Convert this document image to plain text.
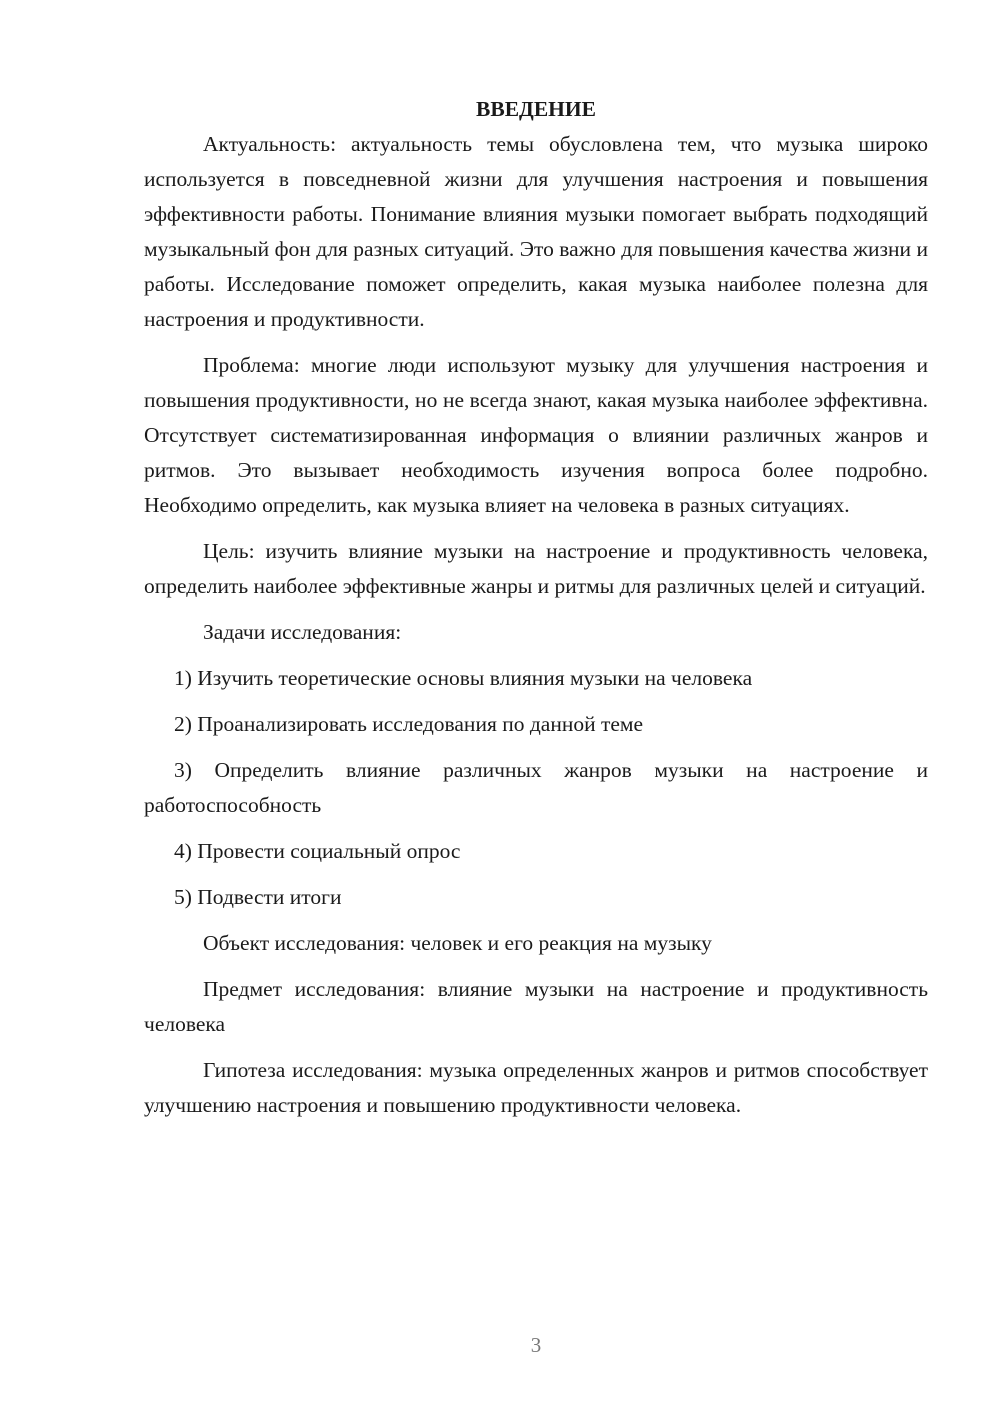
ВВЕДЕНИЕ

Актуальность: актуальность темы обусловлена тем, что музыка широко используется в повседневной жизни для улучшения настроения и повышения эффективности работы. Понимание влияния музыки помогает выбрать подходящий музыкальный фон для разных ситуаций. Это важно для повышения качества жизни и работы. Исследование поможет определить, какая музыка наиболее полезна для настроения и продуктивности.

Проблема: многие люди используют музыку для улучшения настроения и повышения продуктивности, но не всегда знают, какая музыка наиболее эффективна. Отсутствует систематизированная информация о влиянии различных жанров и ритмов. Это вызывает необходимость изучения вопроса более подробно. Необходимо определить, как музыка влияет на человека в разных ситуациях.

Цель: изучить влияние музыки на настроение и продуктивность человека, определить наиболее эффективные жанры и ритмы для различных целей и ситуаций.

Задачи исследования:

1) Изучить теоретические основы влияния музыки на человека

2) Проанализировать исследования по данной теме

3) Определить влияние различных жанров музыки на настроение и работоспособность

4) Провести социальный опрос

5) Подвести итоги

Объект исследования: человек и его реакция на музыку

Предмет исследования: влияние музыки на настроение и продуктивность человека

Гипотеза исследования: музыка определенных жанров и ритмов способствует улучшению настроения и повышению продуктивности человека.

3
